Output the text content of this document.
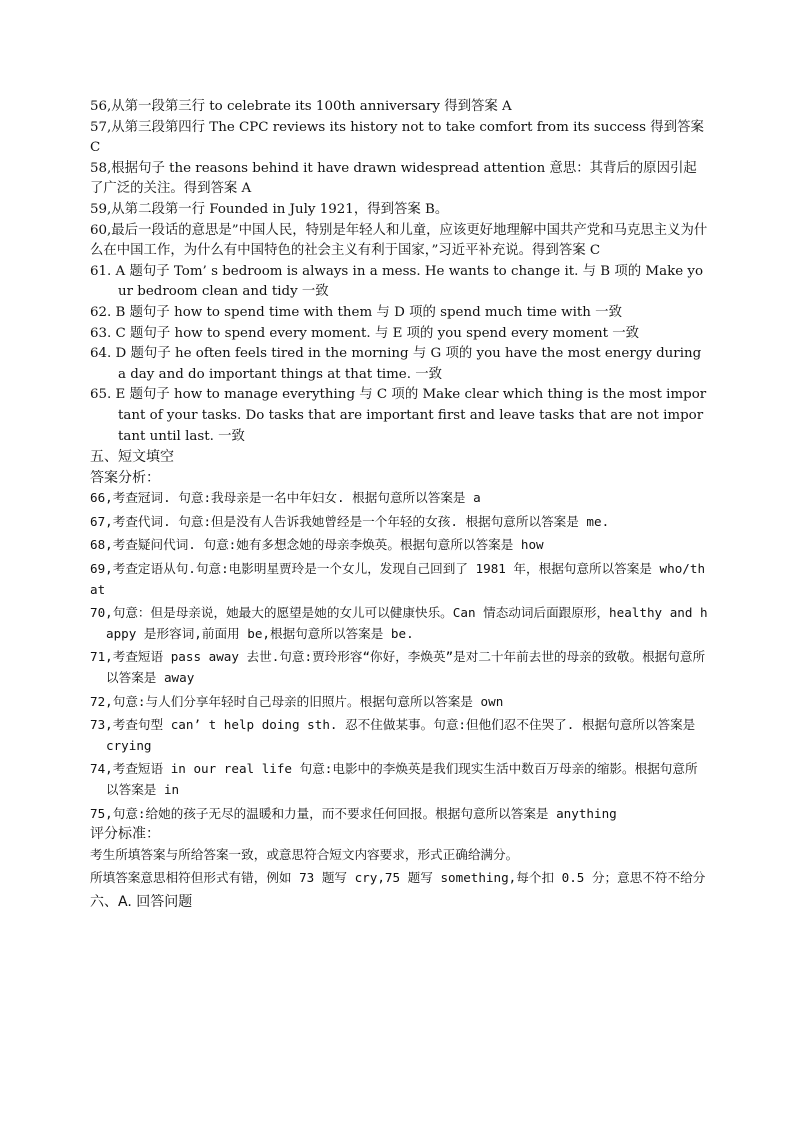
56,从第一段第三行 to celebrate its 100th anniversary 得到答案 A

57,从第三段第四行 The CPC reviews its history not to take comfort from its success 得到答案 C

58,根据句子 the reasons behind it have drawn widespread attention 意思：其背后的原因引起了广泛的关注。得到答案 A

59,从第二段第一行 Founded in July 1921，得到答案 B。

60,最后一段话的意思是”中国人民，特别是年轻人和儿童，应该更好地理解中国共产党和马克思主义为什么在中国工作，为什么有中国特色的社会主义有利于国家，”习近平补充说。得到答案 C

61. A 题句子 Tom’ s bedroom is always in a mess. He wants to change it. 与 B 项的 Make your bedroom clean and tidy 一致

62. B 题句子 how to spend time with them 与 D 项的 spend much time with 一致

63. C 题句子 how to spend every moment. 与 E 项的 you spend every moment 一致

64. D 题句子 he often feels tired in the morning 与 G 项的 you have the most energy during a day and do important things at that time. 一致

65. E 题句子 how to manage everything 与 C 项的 Make clear which thing is the most important of your tasks. Do tasks that are important first and leave tasks that are not important until last. 一致

五、短文填空

答案分析：

66,考查冠词. 句意:我母亲是一名中年妇女. 根据句意所以答案是 a

67,考查代词. 句意:但是没有人告诉我她曾经是一个年轻的女孩. 根据句意所以答案是 me.

68,考查疑问代词. 句意:她有多想念她的母亲李焕英。根据句意所以答案是 how

69,考查定语从句.句意:电影明星贾玲是一个女儿，发现自己回到了 1981 年，根据句意所以答案是 who/that

70,句意：但是母亲说，她最大的愿望是她的女儿可以健康快乐。Can 情态动词后面跟原形，healthy and happy 是形容词,前面用 be,根据句意所以答案是 be.

71,考查短语 pass away 去世.句意:贾玲形容“你好，李焕英”是对二十年前去世的母亲的致敬。根据句意所以答案是 away

72,句意:与人们分享年轻时自己母亲的旧照片。根据句意所以答案是 own

73,考查句型 can’ t help doing sth. 忍不住做某事。句意:但他们忍不住哭了. 根据句意所以答案是 crying

74,考查短语 in our real life 句意:电影中的李焕英是我们现实生活中数百万母亲的缩影。根据句意所以答案是 in

75,句意:给她的孩子无尽的温暖和力量，而不要求任何回报。根据句意所以答案是 anything

评分标准：

考生所填答案与所给答案一致，或意思符合短文内容要求，形式正确给满分。

所填答案意思相符但形式有错，例如 73 题写 cry,75 题写 something,每个扣 0.5 分；意思不符不给分

六、A. 回答问题
